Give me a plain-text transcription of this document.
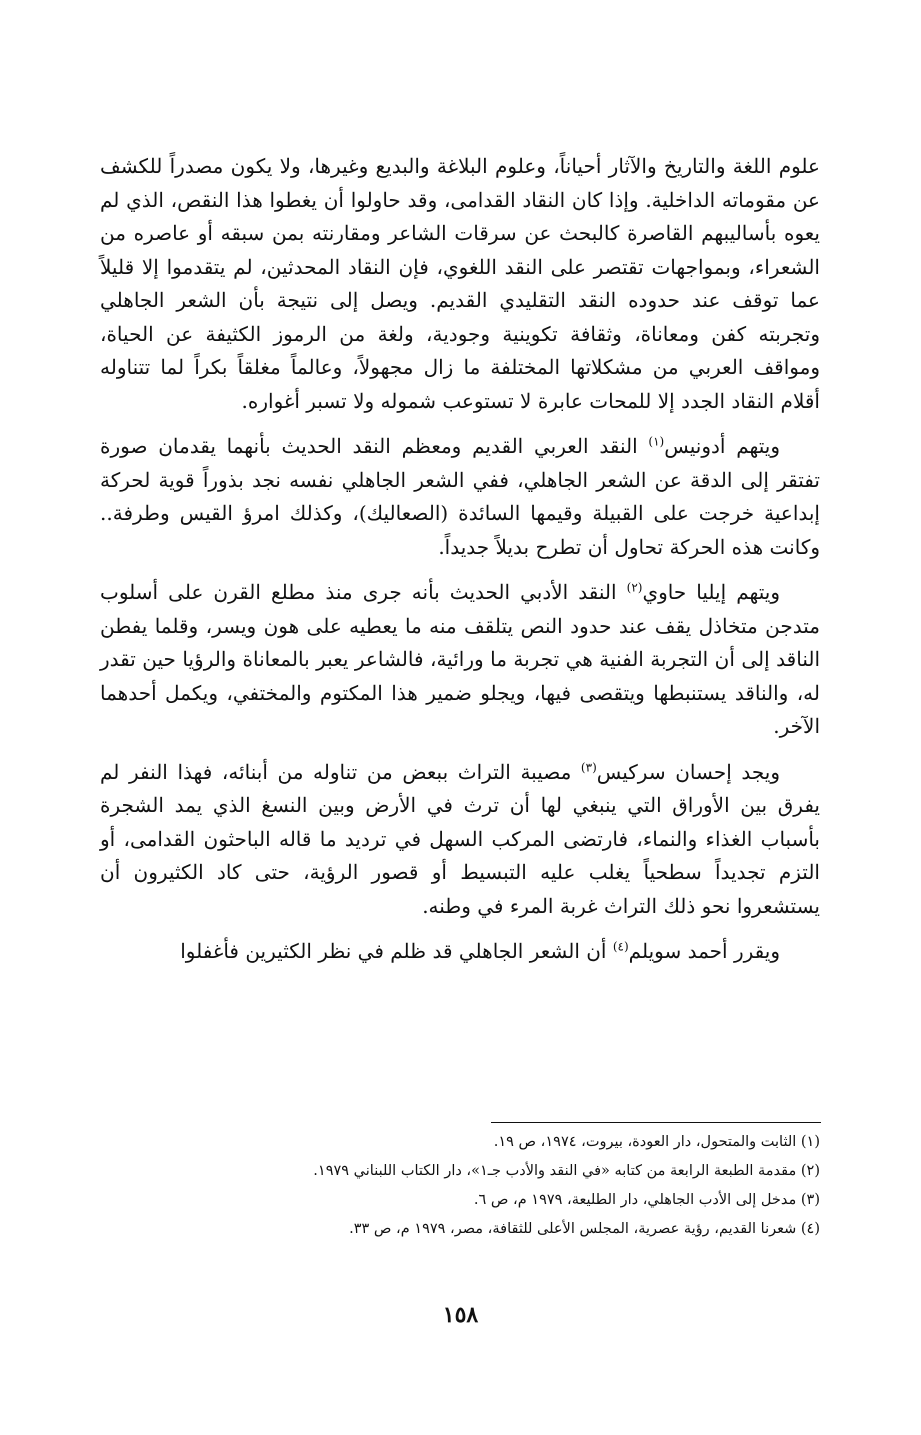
علوم اللغة والتاريخ والآثار أحياناً، وعلوم البلاغة والبديع وغيرها، ولا يكون مصدراً للكشف عن مقوماته الداخلية. وإذا كان النقاد القدامى، وقد حاولوا أن يغطوا هذا النقص، الذي لم يعوه بأساليبهم القاصرة كالبحث عن سرقات الشاعر ومقارنته بمن سبقه أو عاصره من الشعراء، وبمواجهات تقتصر على النقد اللغوي، فإن النقاد المحدثين، لم يتقدموا إلا قليلاً عما توقف عند حدوده النقد التقليدي القديم. ويصل إلى نتيجة بأن الشعر الجاهلي وتجربته كفن ومعاناة، وثقافة تكوينية وجودية، ولغة من الرموز الكثيفة عن الحياة، ومواقف العربي من مشكلاتها المختلفة ما زال مجهولاً، وعالماً مغلقاً بكراً لما تتناوله أقلام النقاد الجدد إلا للمحات عابرة لا تستوعب شموله ولا تسبر أغواره.

ويتهم أدونيس$^{(١)}$ النقد العربي القديم ومعظم النقد الحديث بأنهما يقدمان صورة تفتقر إلى الدقة عن الشعر الجاهلي، ففي الشعر الجاهلي نفسه نجد بذوراً قوية لحركة إبداعية خرجت على القبيلة وقيمها السائدة (الصعاليك)، وكذلك امرؤ القيس وطرفة.. وكانت هذه الحركة تحاول أن تطرح بديلاً جديداً.

ويتهم إيليا حاوي$^{(٢)}$ النقد الأدبي الحديث بأنه جرى منذ مطلع القرن على أسلوب متدجن متخاذل يقف عند حدود النص يتلقف منه ما يعطيه على هون ويسر، وقلما يفطن الناقد إلى أن التجربة الفنية هي تجربة ما ورائية، فالشاعر يعبر بالمعاناة والرؤيا حين تقدر له، والناقد يستنبطها ويتقصى فيها، ويجلو ضمير هذا المكتوم والمختفي، ويكمل أحدهما الآخر.

ويجد إحسان سركيس$^{(٣)}$ مصيبة التراث ببعض من تناوله من أبنائه، فهذا النفر لم يفرق بين الأوراق التي ينبغي لها أن ترث في الأرض وبين النسغ الذي يمد الشجرة بأسباب الغذاء والنماء، فارتضى المركب السهل في ترديد ما قاله الباحثون القدامى، أو التزم تجديداً سطحياً يغلب عليه التبسيط أو قصور الرؤية، حتى كاد الكثيرون أن يستشعروا نحو ذلك التراث غربة المرء في وطنه.

ويقرر أحمد سويلم$^{(٤)}$ أن الشعر الجاهلي قد ظلم في نظر الكثيرين فأغفلوا

(١) الثابت والمتحول، دار العودة، بيروت، ١٩٧٤، ص ١٩.

(٢) مقدمة الطبعة الرابعة من كتابه «في النقد والأدب جـ١»، دار الكتاب اللبناني ١٩٧٩.

(٣) مدخل إلى الأدب الجاهلي، دار الطليعة، ١٩٧٩ م، ص ٦.

(٤) شعرنا القديم، رؤية عصرية، المجلس الأعلى للثقافة، مصر، ١٩٧٩ م، ص ٣٣.

١٥٨
